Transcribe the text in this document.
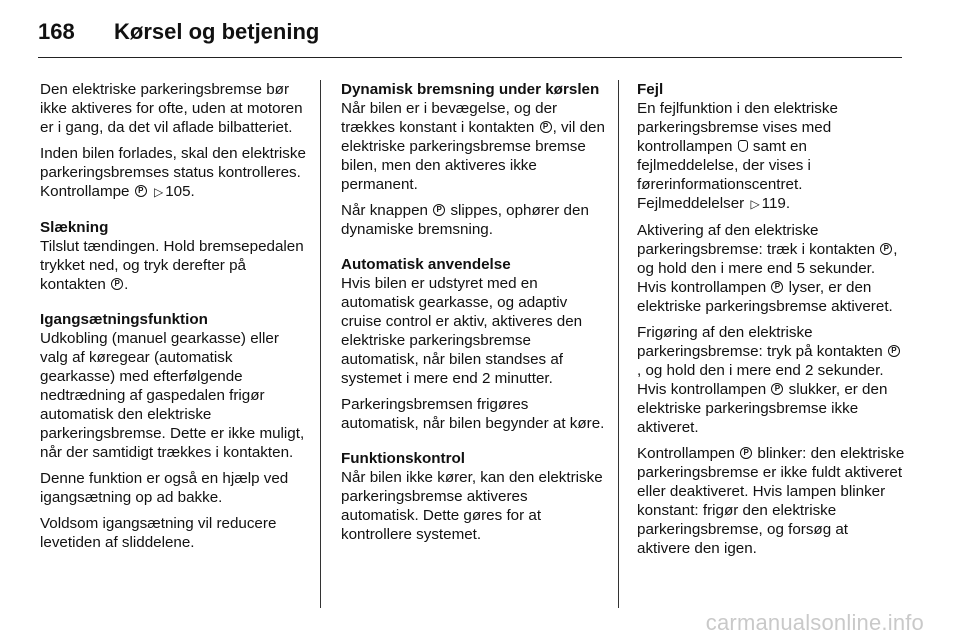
168	Kørsel og betjening

Den elektriske parkeringsbremse bør ikke aktiveres for ofte, uden at motoren er i gang, da det vil aflade bilbatteriet.

Inden bilen forlades, skal den elektriske parkeringsbremses status kontrolleres. Kontrollampe P ▷ 105.

Slækning

Tilslut tændingen. Hold bremsepedalen trykket ned, og tryk derefter på kontakten P .

Igangsætningsfunktion

Udkobling (manuel gearkasse) eller valg af køregear (automatisk gearkasse) med efterfølgende nedtrædning af gaspedalen frigør automatisk den elektriske parkeringsbremse. Dette er ikke muligt, når der samtidigt trækkes i kontakten.

Denne funktion er også en hjælp ved igangsætning op ad bakke.

Voldsom igangsætning vil reducere levetiden af sliddelene.

Dynamisk bremsning under kørslen

Når bilen er i bevægelse, og der trækkes konstant i kontakten P , vil den elektriske parkeringsbremse bremse bilen, men den aktiveres ikke permanent.

Når knappen P slippes, ophører den dynamiske bremsning.

Automatisk anvendelse

Hvis bilen er udstyret med en automatisk gearkasse, og adaptiv cruise control er aktiv, aktiveres den elektriske parkeringsbremse automatisk, når bilen standses af systemet i mere end 2 minutter.

Parkeringsbremsen frigøres automatisk, når bilen begynder at køre.

Funktionskontrol

Når bilen ikke kører, kan den elektriske parkeringsbremse aktiveres automatisk. Dette gøres for at kontrollere systemet.

Fejl

En fejlfunktion i den elektriske parkeringsbremse vises med kontrollampen samt en fejlmeddelelse, der vises i førerinformationscentret. Fejlmeddelelser ▷ 119.

Aktivering af den elektriske parkeringsbremse: træk i kontakten P , og hold den i mere end 5 sekunder. Hvis kontrollampen P lyser, er den elektriske parkeringsbremse aktiveret.

Frigøring af den elektriske parkeringsbremse: tryk på kontakten P, og hold den i mere end 2 sekunder. Hvis kontrollampen P slukker, er den elektriske parkeringsbremse ikke aktiveret.

Kontrollampen P blinker: den elektriske parkeringsbremse er ikke fuldt aktiveret eller deaktiveret. Hvis lampen blinker konstant: frigør den elektriske parkeringsbremse, og forsøg at aktivere den igen.

carmanualsonline.info
